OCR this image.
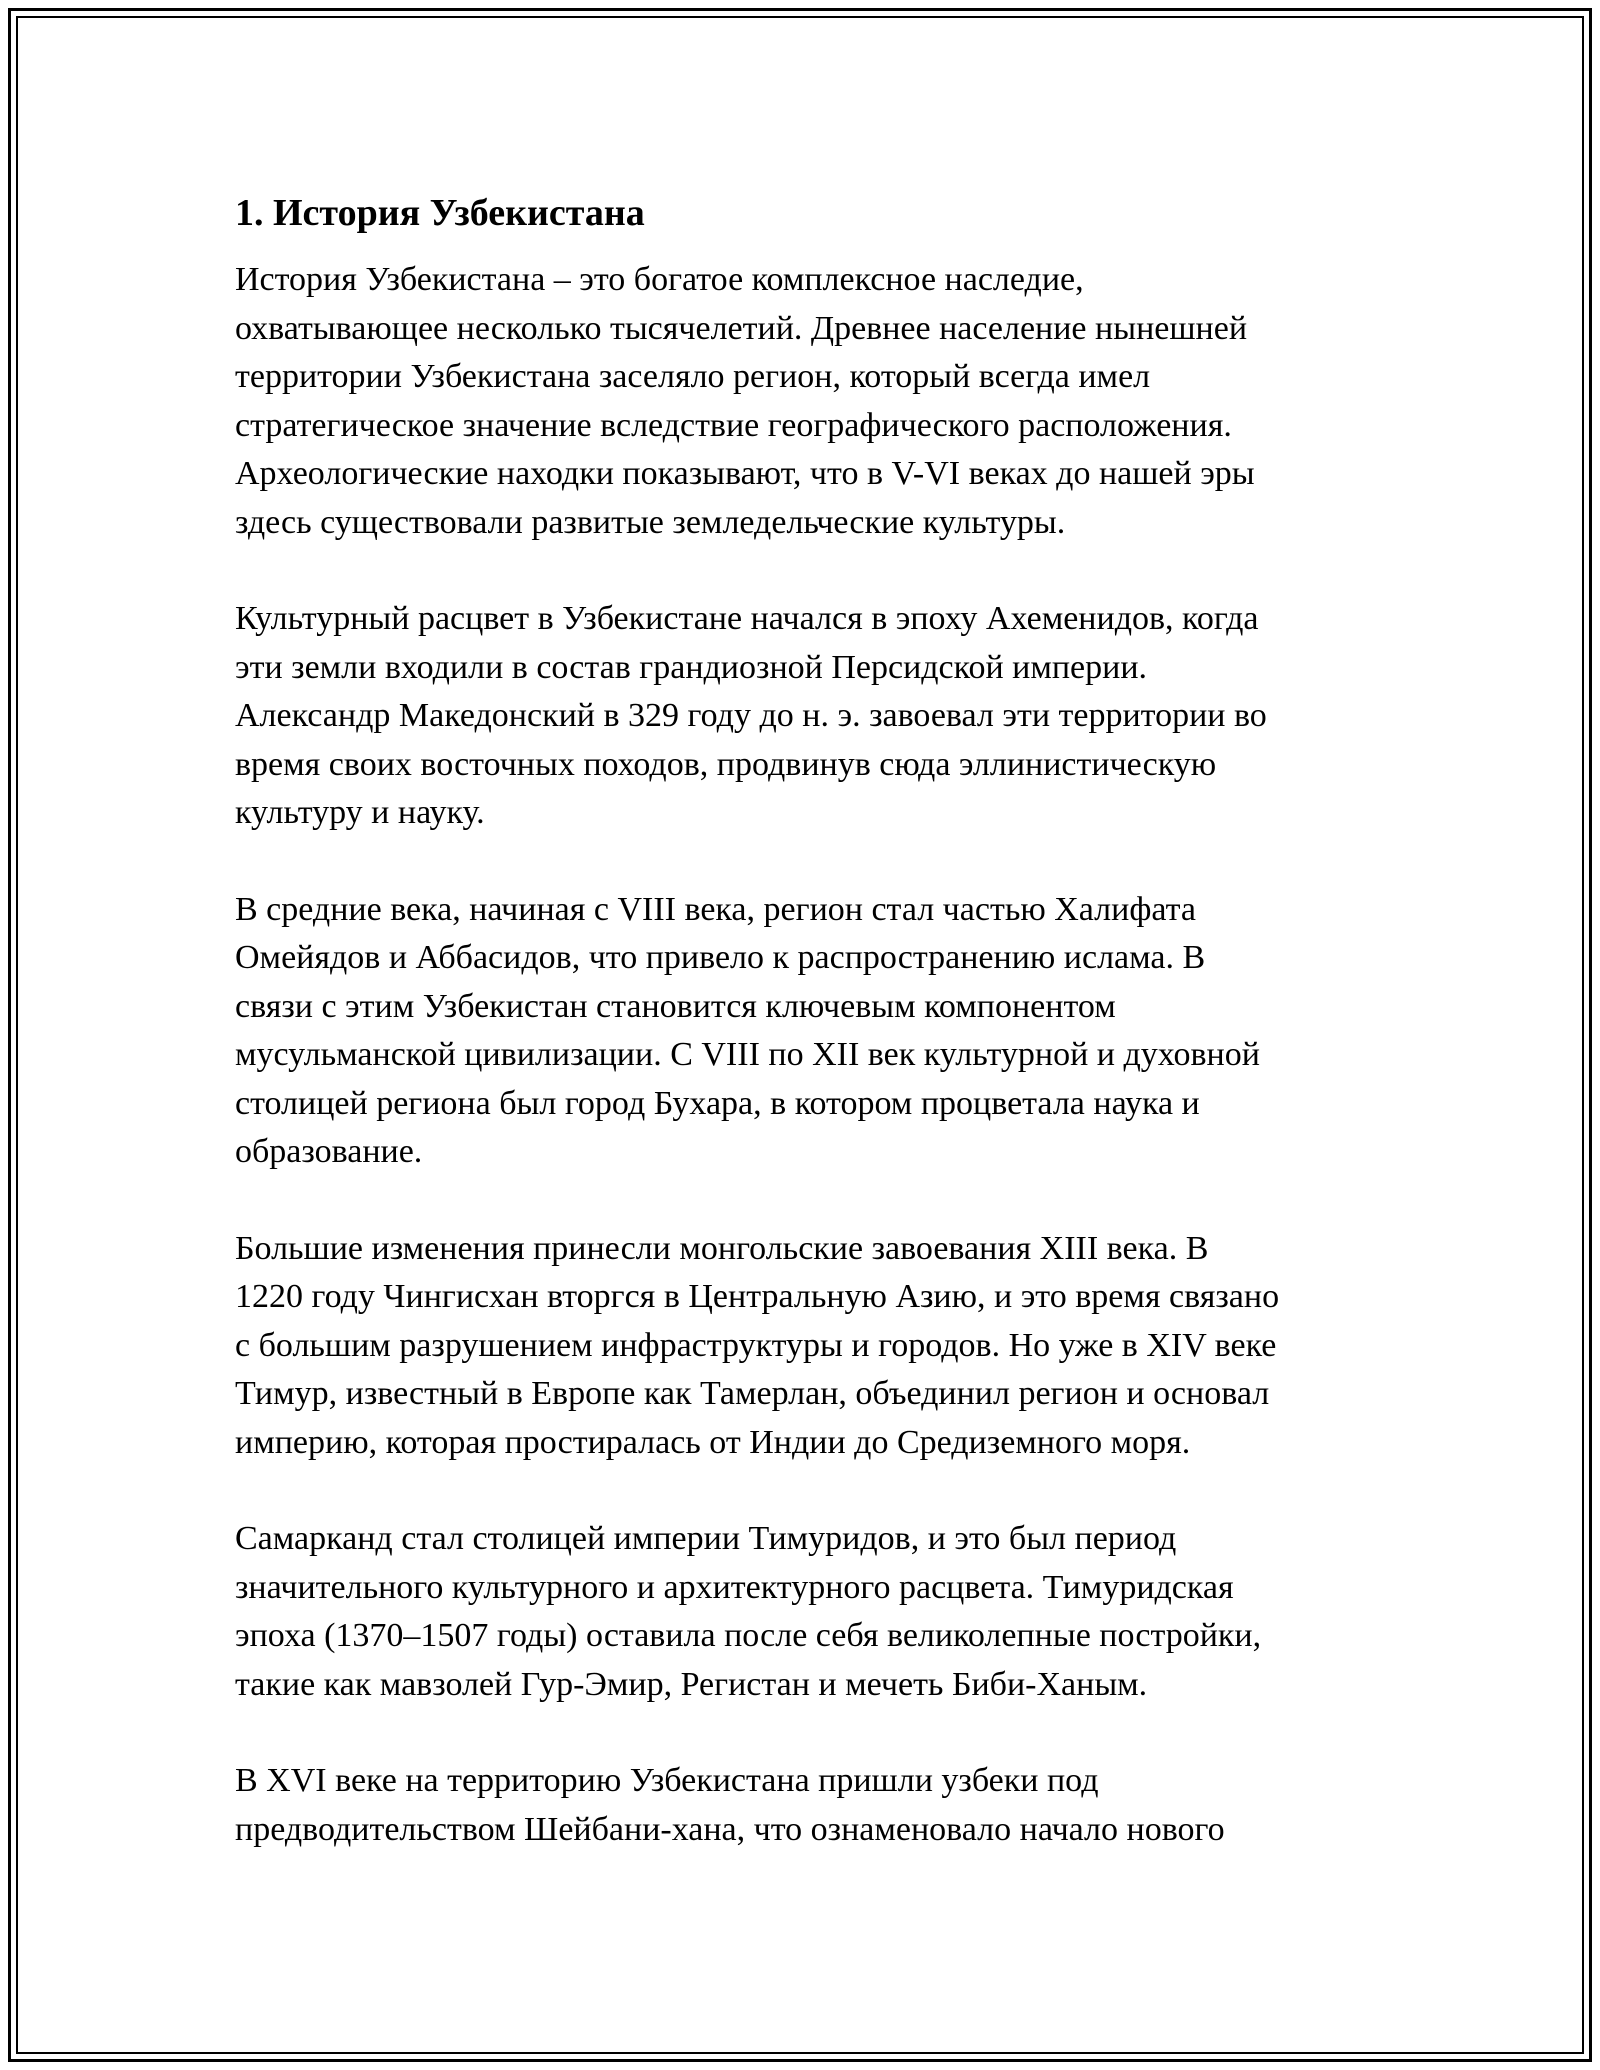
1. История Узбекистана

История Узбекистана – это богатое комплексное наследие,
охватывающее несколько тысячелетий. Древнее население нынешней
территории Узбекистана заселяло регион, который всегда имел
стратегическое значение вследствие географического расположения.
Археологические находки показывают, что в V-VI веках до нашей эры
здесь существовали развитые земледельческие культуры.

Культурный расцвет в Узбекистане начался в эпоху Ахеменидов, когда
эти земли входили в состав грандиозной Персидской империи.
Александр Македонский в 329 году до н. э. завоевал эти территории во
время своих восточных походов, продвинув сюда эллинистическую
культуру и науку.

В средние века, начиная с VIII века, регион стал частью Халифата
Омейядов и Аббасидов, что привело к распространению ислама. В
связи с этим Узбекистан становится ключевым компонентом
мусульманской цивилизации. С VIII по XII век культурной и духовной
столицей региона был город Бухара, в котором процветала наука и
образование.

Большие изменения принесли монгольские завоевания XIII века. В
1220 году Чингисхан вторгся в Центральную Азию, и это время связано
с большим разрушением инфраструктуры и городов. Но уже в XIV веке
Тимур, известный в Европе как Тамерлан, объединил регион и основал
империю, которая простиралась от Индии до Средиземного моря.

Самарканд стал столицей империи Тимуридов, и это был период
значительного культурного и архитектурного расцвета. Тимуридская
эпоха (1370–1507 годы) оставила после себя великолепные постройки,
такие как мавзолей Гур-Эмир, Регистан и мечеть Биби-Ханым.

В XVI веке на территорию Узбекистана пришли узбеки под
предводительством Шейбани-хана, что ознаменовало начало нового
